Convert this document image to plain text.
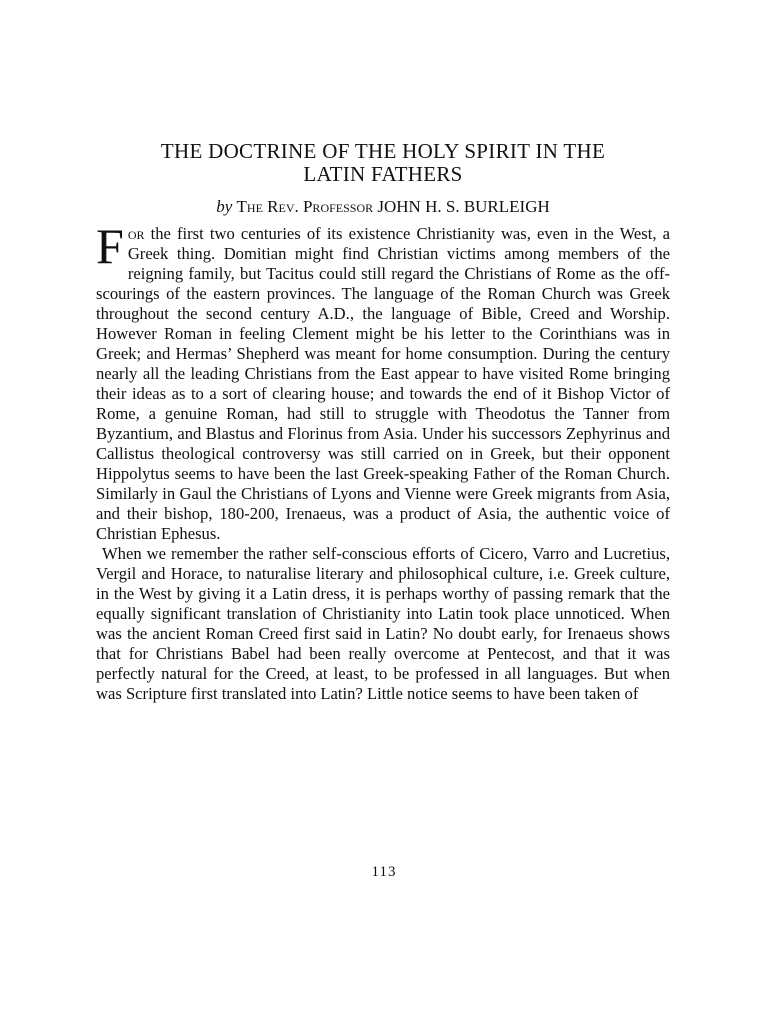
THE DOCTRINE OF THE HOLY SPIRIT IN THE
LATIN FATHERS
by The Rev. Professor JOHN H. S. BURLEIGH

For the first two centuries of its existence Christianity was, even in the West, a Greek thing. Domitian might find Christian victims among members of the reigning family, but Tacitus could still regard the Christians of Rome as the off-scourings of the eastern provinces. The language of the Roman Church was Greek throughout the second century A.D., the language of Bible, Creed and Worship. However Roman in feeling Clement might be his letter to the Corinthians was in Greek; and Hermas’ Shepherd was meant for home consumption. During the century nearly all the leading Christians from the East appear to have visited Rome bringing their ideas as to a sort of clearing house; and towards the end of it Bishop Victor of Rome, a genuine Roman, had still to struggle with Theodotus the Tanner from Byzantium, and Blastus and Florinus from Asia. Under his successors Zephyrinus and Callistus theological controversy was still carried on in Greek, but their opponent Hippolytus seems to have been the last Greek-speaking Father of the Roman Church. Similarly in Gaul the Christians of Lyons and Vienne were Greek migrants from Asia, and their bishop, 180-200, Irenaeus, was a product of Asia, the authentic voice of Christian Ephesus.

When we remember the rather self-conscious efforts of Cicero, Varro and Lucretius, Vergil and Horace, to naturalise literary and philosophical culture, i.e. Greek culture, in the West by giving it a Latin dress, it is perhaps worthy of passing remark that the equally significant translation of Christianity into Latin took place unnoticed. When was the ancient Roman Creed first said in Latin? No doubt early, for Irenaeus shows that for Christians Babel had been really overcome at Pentecost, and that it was perfectly natural for the Creed, at least, to be professed in all languages. But when was Scripture first translated into Latin? Little notice seems to have been taken of

113
